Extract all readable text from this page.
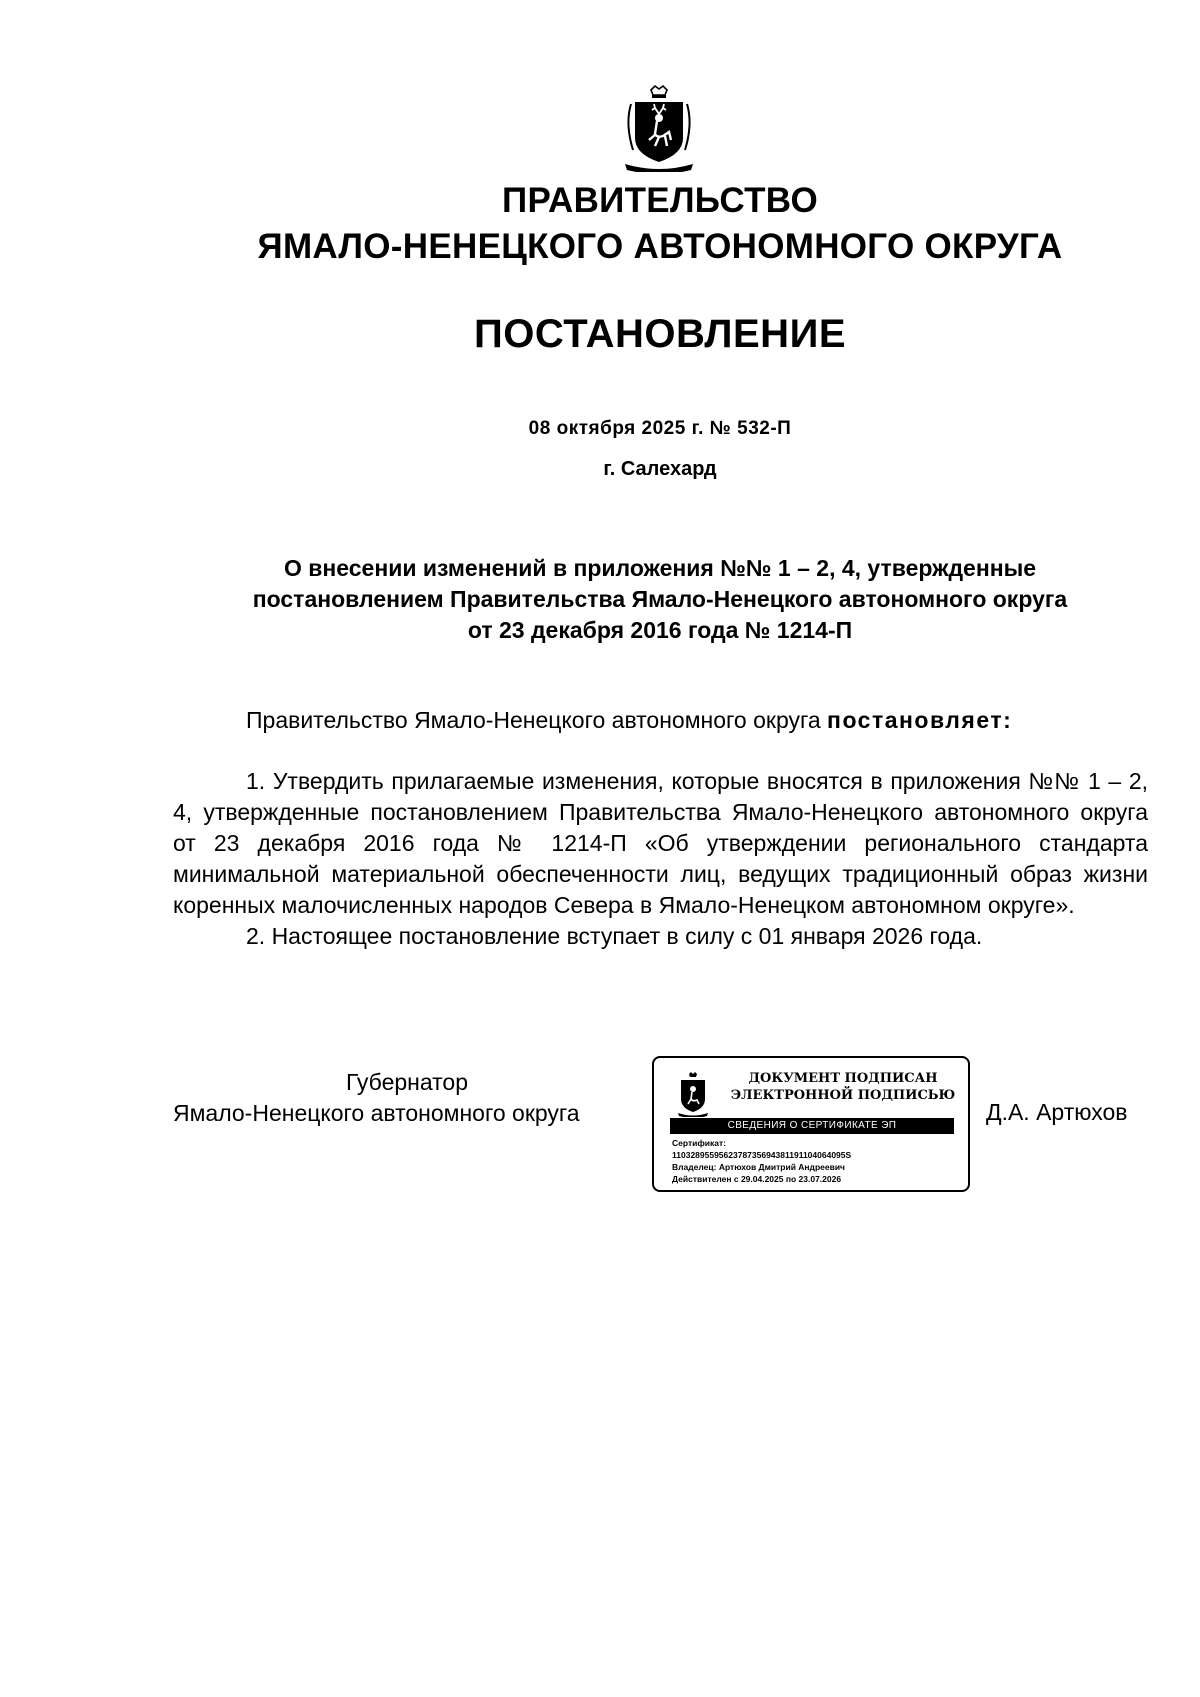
ПРАВИТЕЛЬСТВО
ЯМАЛО-НЕНЕЦКОГО АВТОНОМНОГО ОКРУГА
ПОСТАНОВЛЕНИЕ
08 октября 2025 г. № 532-П
г. Салехард
О внесении изменений в приложения №№ 1 – 2, 4, утвержденные
постановлением Правительства Ямало-Ненецкого автономного округа
от 23 декабря 2016 года № 1214-П
Правительство Ямало-Ненецкого автономного округа постановляет:

1. Утвердить прилагаемые изменения, которые вносятся в приложения №№ 1 – 2, 4, утвержденные постановлением Правительства Ямало-Ненецкого автономного округа от 23 декабря 2016 года № 1214-П «Об утверждении регионального стандарта минимальной материальной обеспеченности лиц, ведущих традиционный образ жизни коренных малочисленных народов Севера в Ямало-Ненецком автономном округе».

2. Настоящее постановление вступает в силу с 01 января 2026 года.

Губернатор
Ямало-Ненецкого автономного округа
ДОКУМЕНТ ПОДПИСАН
ЭЛЕКТРОННОЙ ПОДПИСЬЮ
СВЕДЕНИЯ О СЕРТИФИКАТЕ ЭП
Сертификат:
1103289559562378735694381191104064095S
Владелец: Артюхов Дмитрий Андреевич
Действителен с 29.04.2025 по 23.07.2026
Д.А. Артюхов
